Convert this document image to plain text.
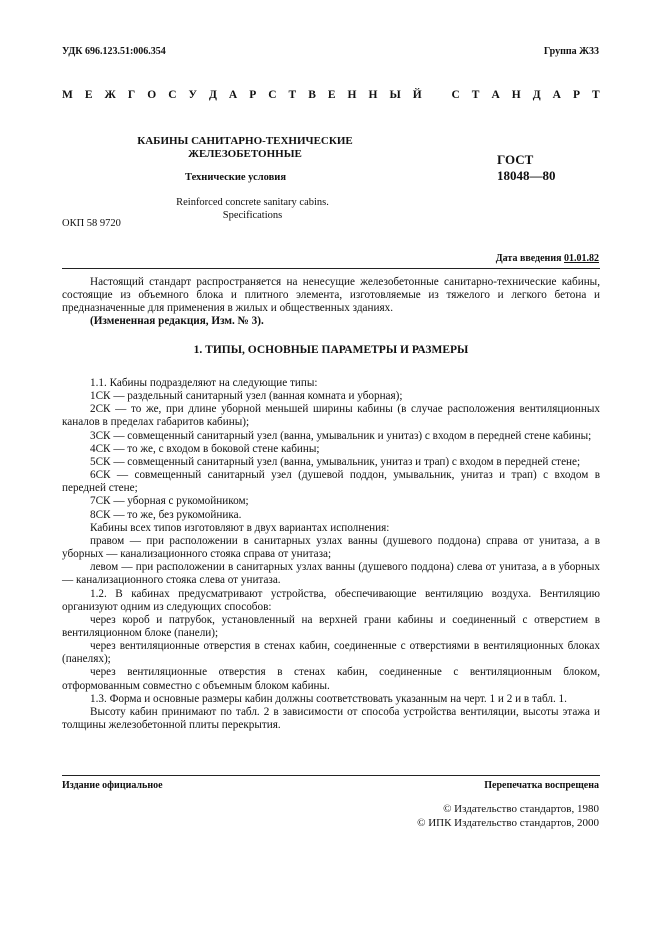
УДК 696.123.51:006.354	Группа Ж33
М Е Ж Г О С У Д А Р С Т В Е Н Н Ы Й
	С Т А Н Д А Р Т
КАБИНЫ САНИТАРНО-ТЕХНИЧЕСКИЕ
ЖЕЛЕЗОБЕТОННЫЕ
Технические условия
Reinforced concrete sanitary cabins.
Specifications
ГОСТ
18048—80
ОКП 58 9720
Дата введения 01.01.82

Настоящий стандарт распространяется на ненесущие железобетонные санитарно-технические кабины, состоящие из объемного блока и плитного элемента, изготовляемые из тяжелого и легкого бетона и предназначенные для применения в жилых и общественных зданиях.

(Измененная редакция, Изм. № 3).

1. ТИПЫ, ОСНОВНЫЕ ПАРАМЕТРЫ И РАЗМЕРЫ

1.1. Кабины подразделяют на следующие типы:

1СК — раздельный санитарный узел (ванная комната и уборная);

2СК — то же, при длине уборной меньшей ширины кабины (в случае расположения вентиляционных каналов в пределах габаритов кабины);

3СК — совмещенный санитарный узел (ванна, умывальник и унитаз) с входом в передней стене кабины;

4СК — то же, с входом в боковой стене кабины;

5СК — совмещенный санитарный узел (ванна, умывальник, унитаз и трап) с входом в передней стене;

6СК — совмещенный санитарный узел (душевой поддон, умывальник, унитаз и трап) с входом в передней стене;

7СК — уборная с рукомойником;

8СК — то же, без рукомойника.

Кабины всех типов изготовляют в двух вариантах исполнения:

правом — при расположении в санитарных узлах ванны (душевого поддона) справа от унитаза, а в уборных — канализационного стояка справа от унитаза;

левом — при расположении в санитарных узлах ванны (душевого поддона) слева от унитаза, а в уборных — канализационного стояка слева от унитаза.

1.2. В кабинах предусматривают устройства, обеспечивающие вентиляцию воздуха. Вентиляцию организуют одним из следующих способов:

через короб и патрубок, установленный на верхней грани кабины и соединенный с отверстием в вентиляционном блоке (панели);

через вентиляционные отверстия в стенах кабин, соединенные с отверстиями в вентиляционных блоках (панелях);

через вентиляционные отверстия в стенах кабин, соединенные с вентиляционным блоком, отформованным совместно с объемным блоком кабины.

1.3. Форма и основные размеры кабин должны соответствовать указанным на черт. 1 и 2 и в табл. 1.

Высоту кабин принимают по табл. 2 в зависимости от способа устройства вентиляции, высоты этажа и толщины железобетонной плиты перекрытия.

Издание официальное	Перепечатка воспрещена
© Издательство стандартов, 1980
© ИПК Издательство стандартов, 2000
